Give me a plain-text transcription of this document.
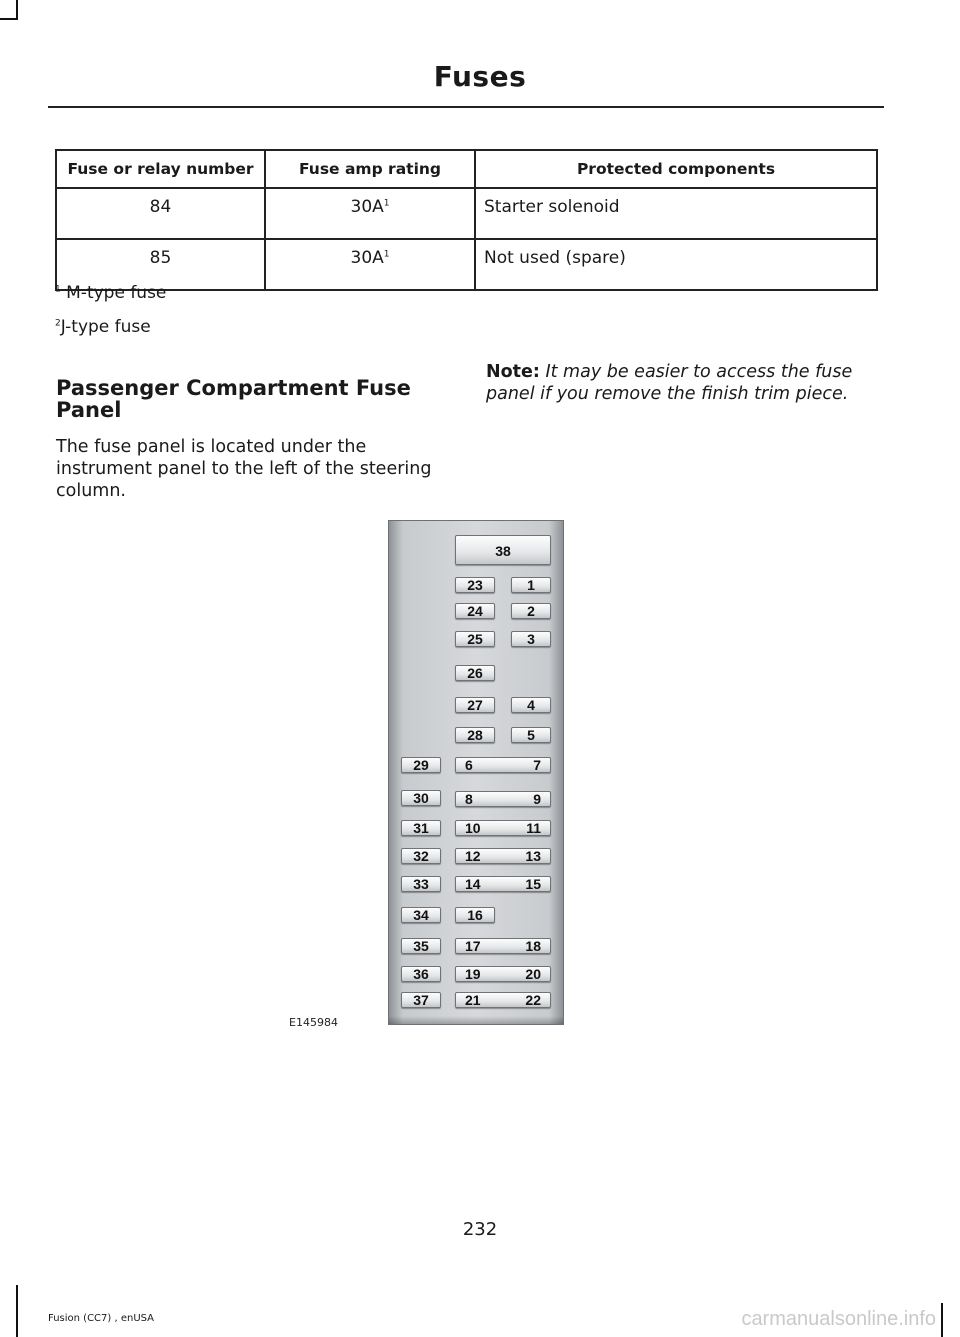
Fuses
Fuse or relay number	Fuse amp rating	Protected components
84	$30A^1$	Starter solenoid
85	$30A^1$	Not used (spare)
$^1$ M-type fuse
$^2$J-type fuse
Passenger Compartment Fuse Panel
The fuse panel is located under the instrument panel to the left of the steering column.
Note: It may be easier to access the fuse panel if you remove the finish trim piece.
E145984
38
23	1
24	2
25	3
26
27	4
28	5
29	6	7
30	8	9
31	10	11
32	12	13
33	14	15
34	16
35	17	18
36	19	20
37	21	22
232
Fusion (CC7) , enUSA	carmanualsonline.info
